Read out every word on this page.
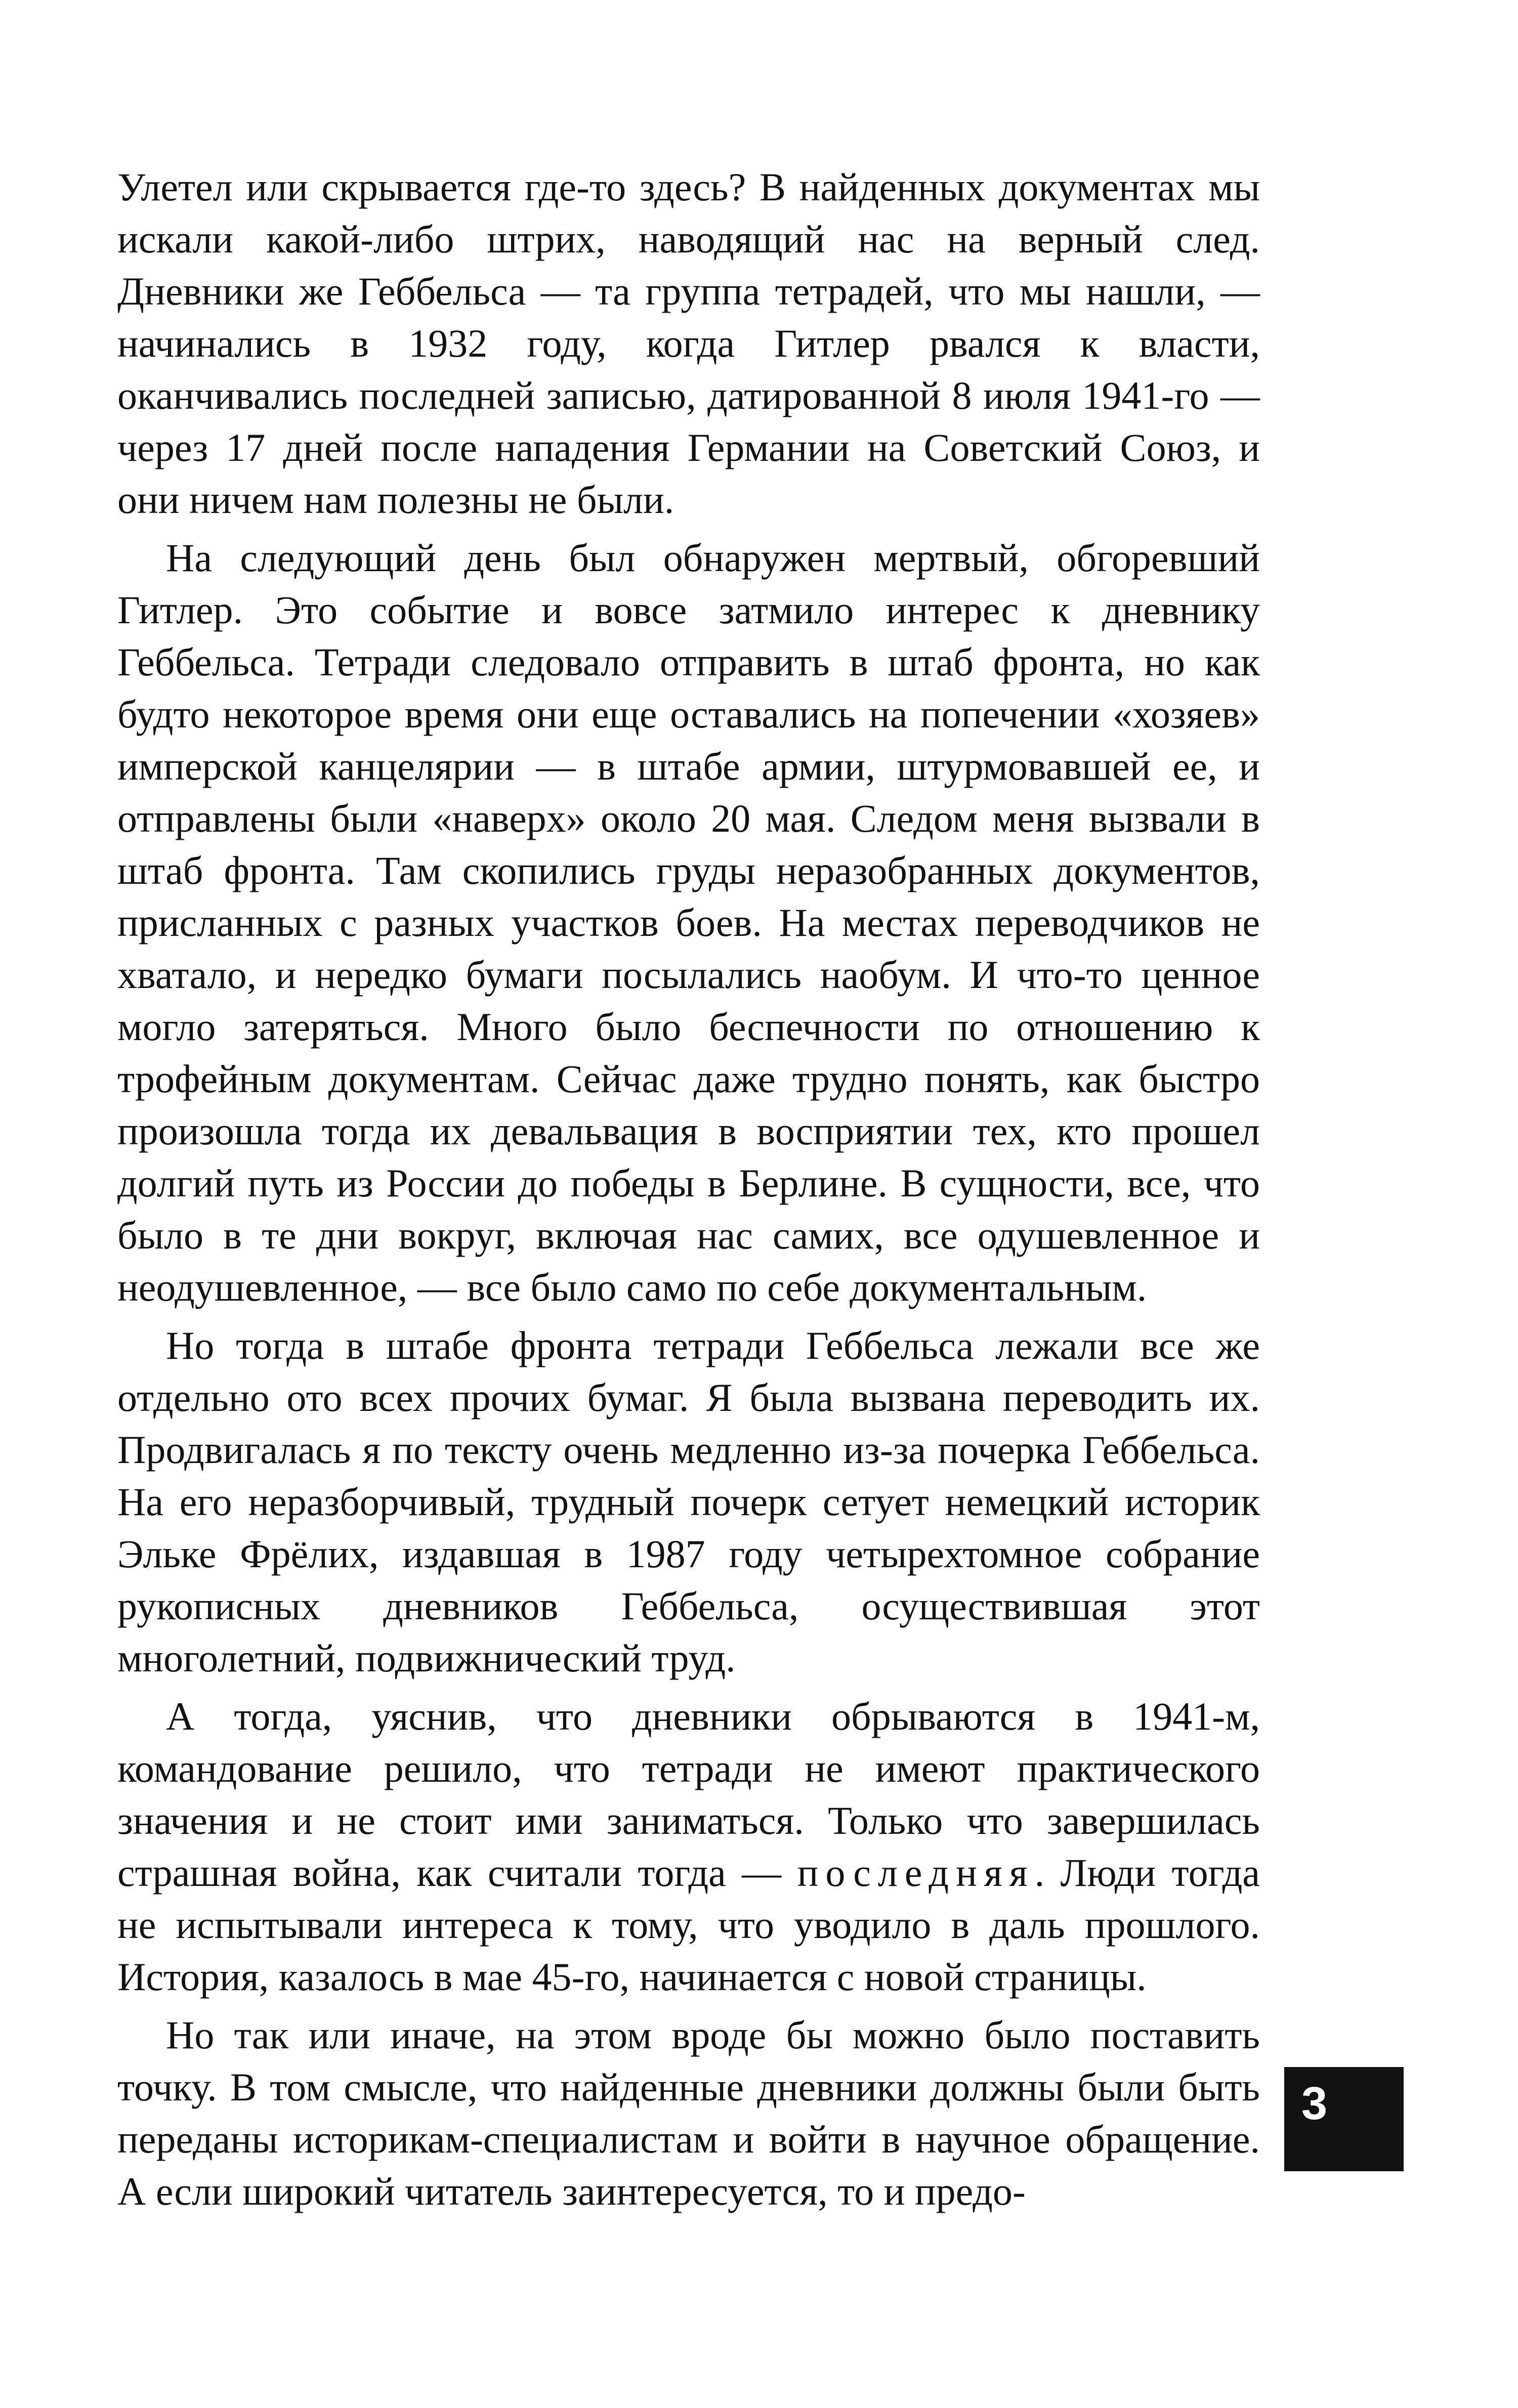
Улетел или скрывается где-то здесь? В найденных документах мы искали какой-либо штрих, наводящий нас на верный след. Дневники же Геббельса — та группа тетрадей, что мы нашли, — начинались в 1932 году, когда Гитлер рвался к власти, оканчивались последней записью, датированной 8 июля 1941-го — через 17 дней после нападения Германии на Советский Союз, и они ничем нам полезны не были.

На следующий день был обнаружен мертвый, обгоревший Гитлер. Это событие и вовсе затмило интерес к дневнику Геббельса. Тетради следовало отправить в штаб фронта, но как будто некоторое время они еще оставались на попечении «хозяев» имперской канцелярии — в штабе армии, штурмовавшей ее, и отправлены были «наверх» около 20 мая. Следом меня вызвали в штаб фронта. Там скопились груды неразобранных документов, присланных с разных участков боев. На местах переводчиков не хватало, и нередко бумаги посылались наобум. И что-то ценное могло затеряться. Много было беспечности по отношению к трофейным документам. Сейчас даже трудно понять, как быстро произошла тогда их девальвация в восприятии тех, кто прошел долгий путь из России до победы в Берлине. В сущности, все, что было в те дни вокруг, включая нас самих, все одушевленное и неодушевленное, — все было само по себе документальным.

Но тогда в штабе фронта тетради Геббельса лежали все же отдельно ото всех прочих бумаг. Я была вызвана переводить их. Продвигалась я по тексту очень медленно из-за почерка Геббельса. На его неразборчивый, трудный почерк сетует немецкий историк Эльке Фрёлих, издавшая в 1987 году четырехтомное собрание рукописных дневников Геббельса, осуществившая этот многолетний, подвижнический труд.

А тогда, уяснив, что дневники обрываются в 1941-м, командование решило, что тетради не имеют практического значения и не стоит ими заниматься. Только что завершилась страшная война, как считали тогда — последняя. Люди тогда не испытывали интереса к тому, что уводило в даль прошлого. История, казалось в мае 45-го, начинается с новой страницы.

Но так или иначе, на этом вроде бы можно было поставить точку. В том смысле, что найденные дневники должны были быть переданы историкам-специалистам и войти в научное обращение. А если широкий читатель заинтересуется, то и предо-

3
